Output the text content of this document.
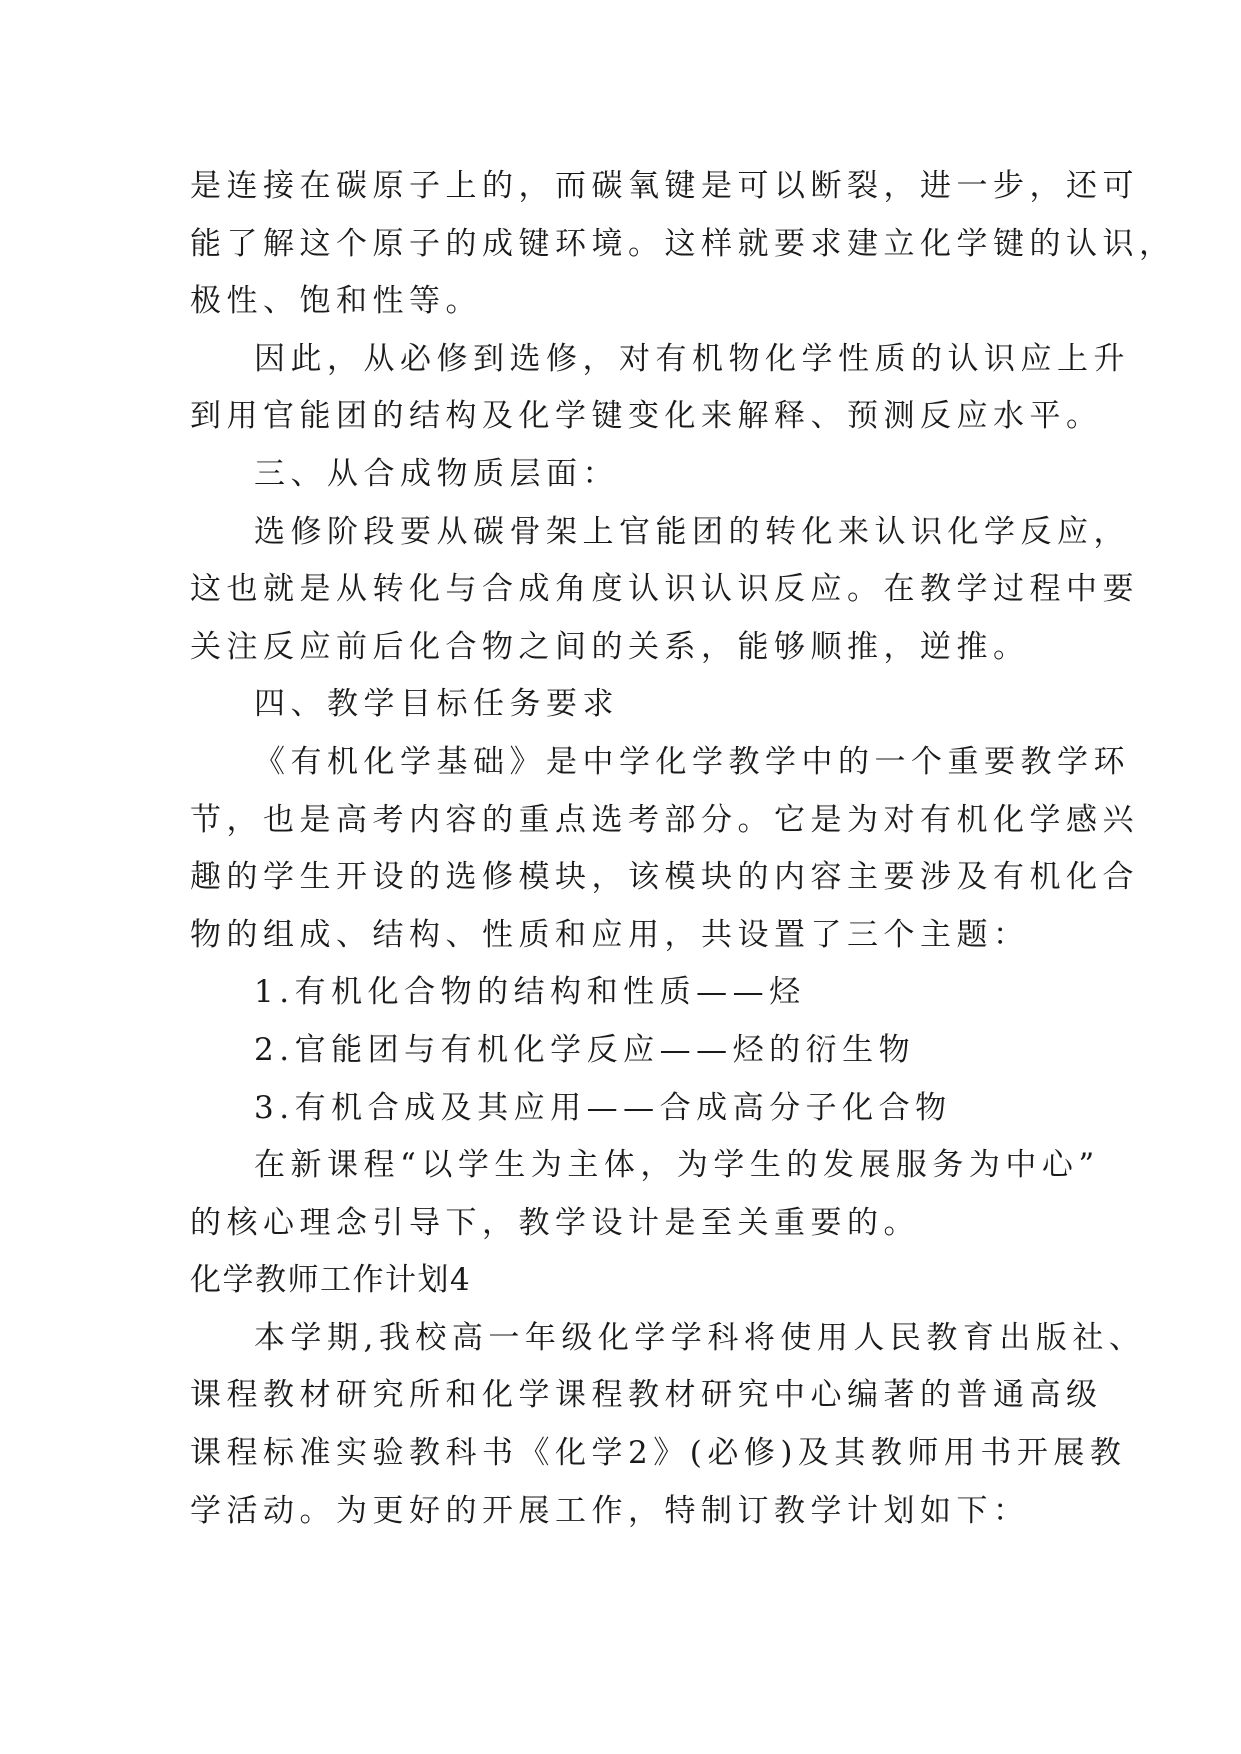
是连接在碳原子上的，而碳氧键是可以断裂，进一步，还可

能了解这个原子的成键环境。这样就要求建立化学键的认识，

极性、饱和性等。

因此，从必修到选修，对有机物化学性质的认识应上升

到用官能团的结构及化学键变化来解释、预测反应水平。

三、从合成物质层面：

选修阶段要从碳骨架上官能团的转化来认识化学反应，

这也就是从转化与合成角度认识认识反应。在教学过程中要

关注反应前后化合物之间的关系，能够顺推，逆推。

四、教学目标任务要求

《有机化学基础》是中学化学教学中的一个重要教学环

节，也是高考内容的重点选考部分。它是为对有机化学感兴

趣的学生开设的选修模块，该模块的内容主要涉及有机化合

物的组成、结构、性质和应用，共设置了三个主题：

1.有机化合物的结构和性质——烃

2.官能团与有机化学反应——烃的衍生物

3.有机合成及其应用——合成高分子化合物

在新课程“以学生为主体，为学生的发展服务为中心”

的核心理念引导下，教学设计是至关重要的。

化学教师工作计划4

本学期,我校高一年级化学学科将使用人民教育出版社、

课程教材研究所和化学课程教材研究中心编著的普通高级

课程标准实验教科书《化学2》(必修)及其教师用书开展教

学活动。为更好的开展工作，特制订教学计划如下：
